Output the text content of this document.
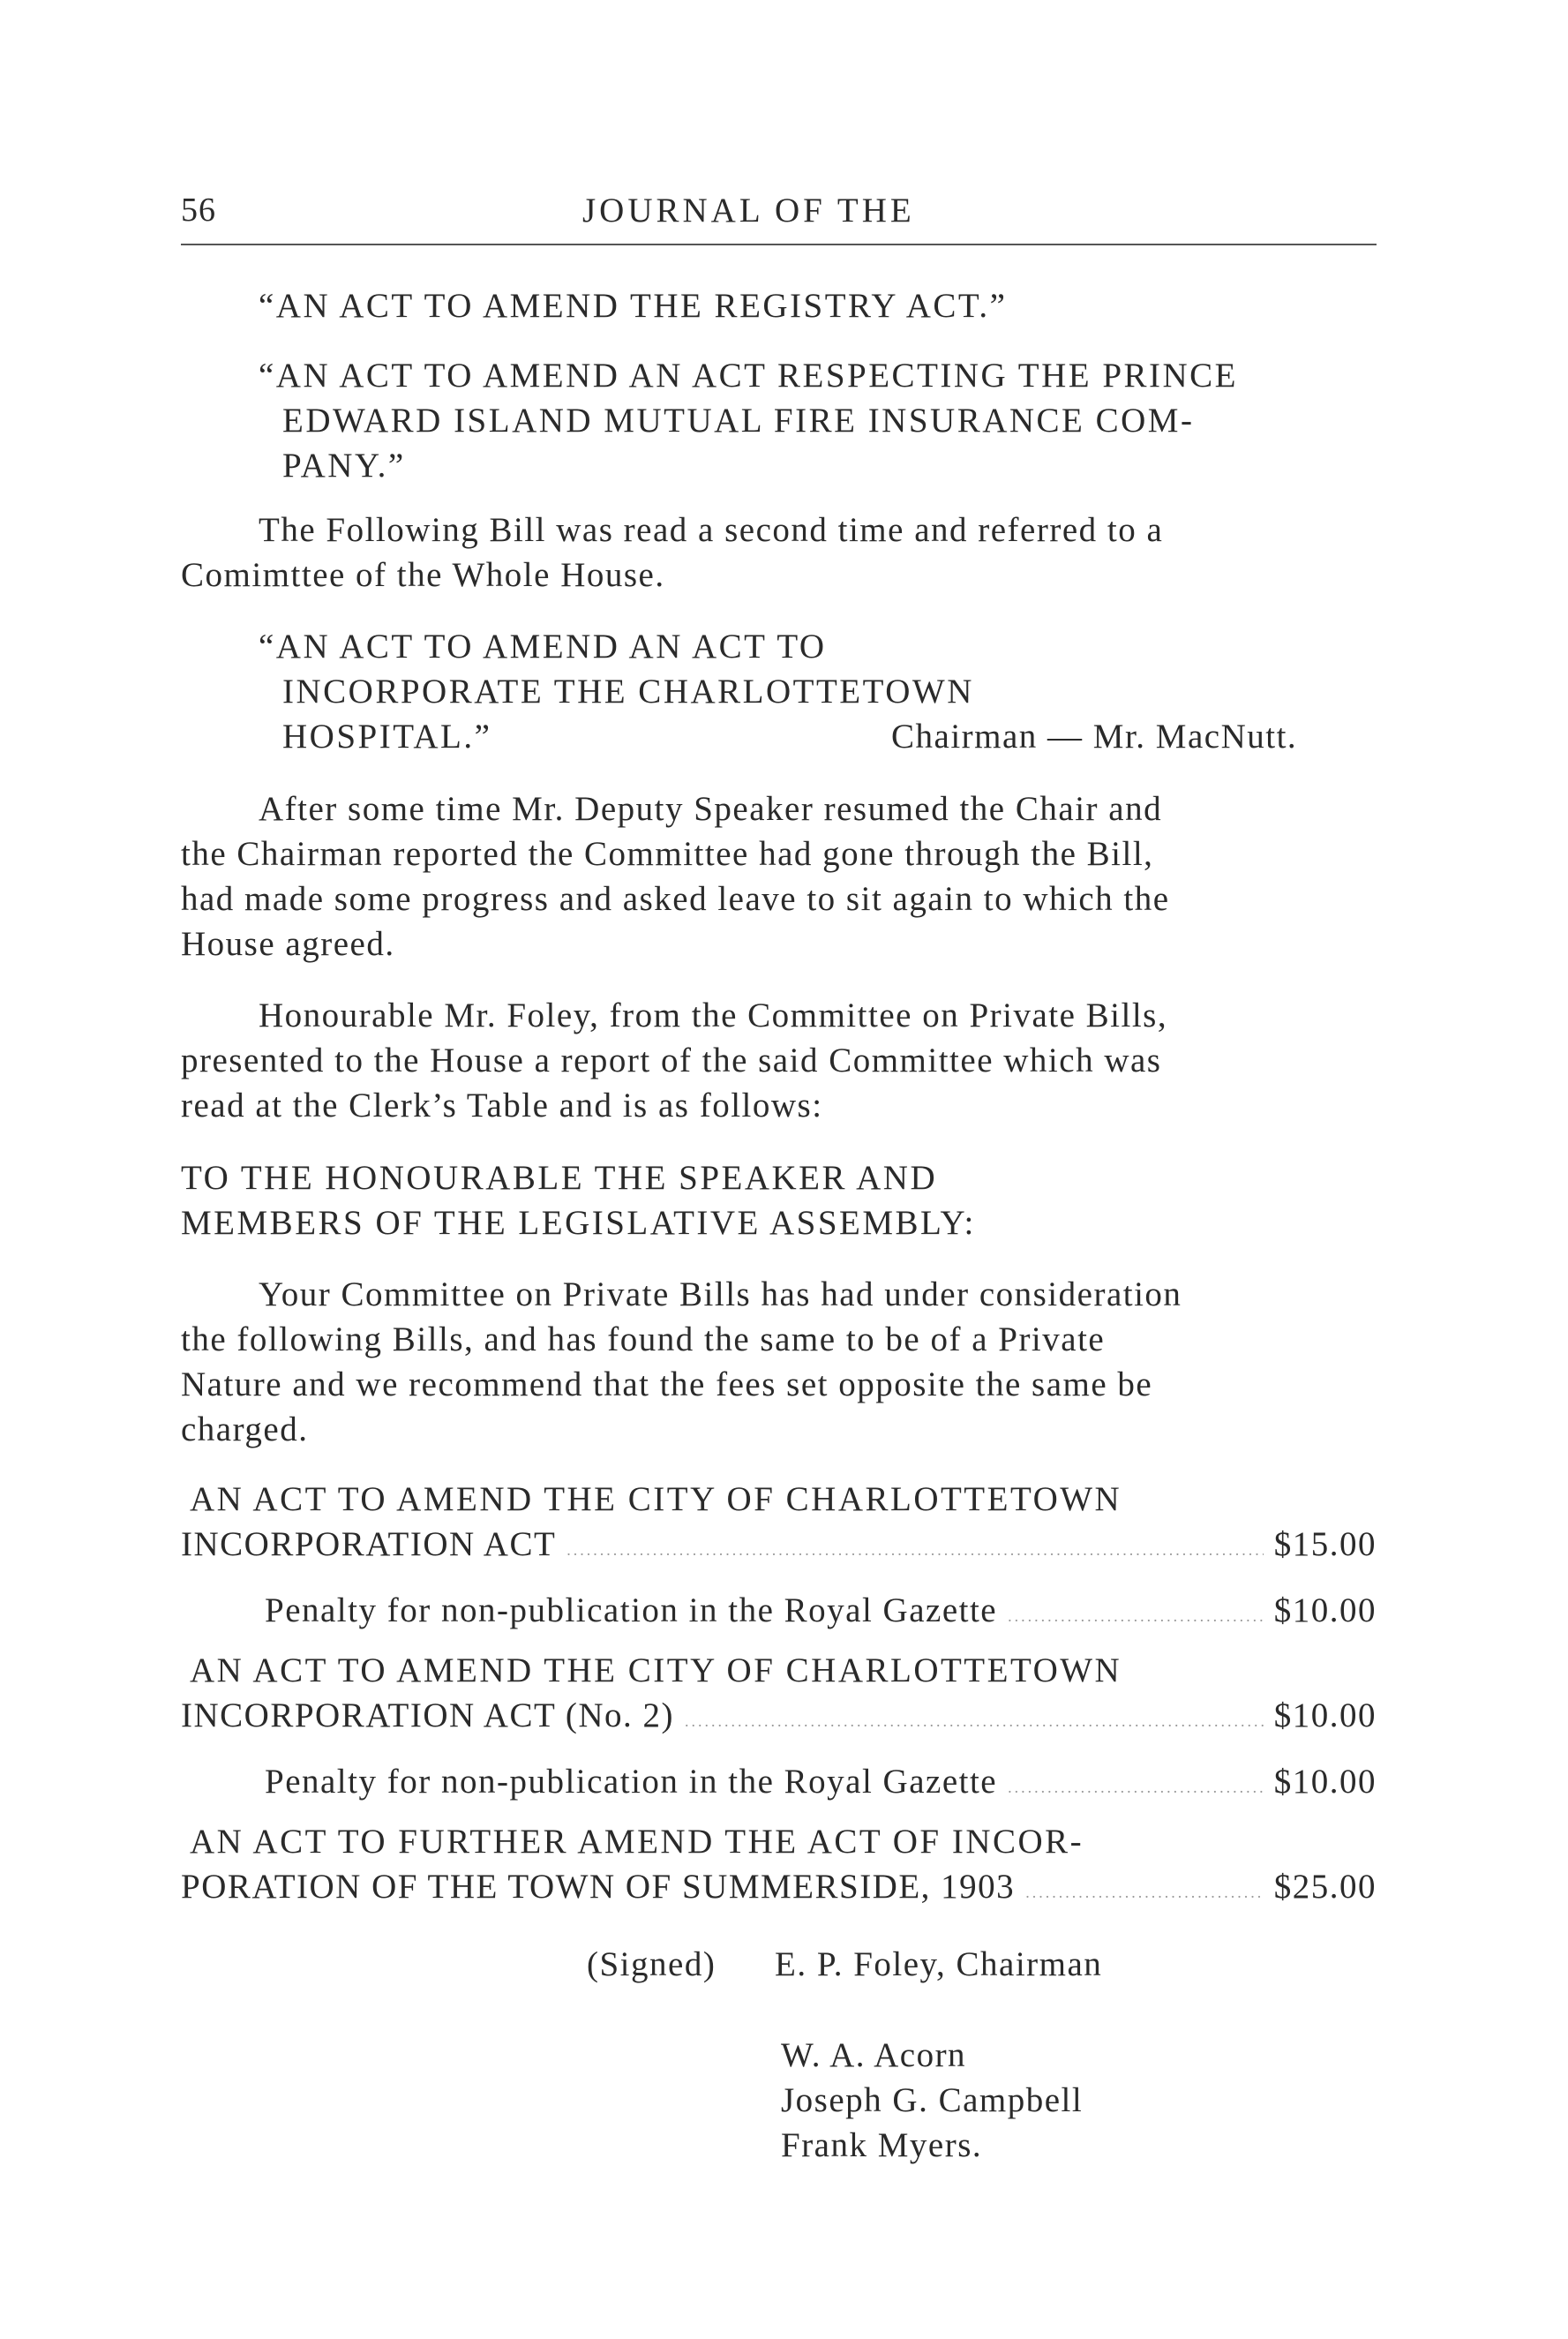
56	JOURNAL OF THE
“AN ACT TO AMEND THE REGISTRY ACT.”
“AN ACT TO AMEND AN ACT RESPECTING THE PRINCE
EDWARD ISLAND MUTUAL FIRE INSURANCE COM-
PANY.”
The Following Bill was read a second time and referred to a
Comimttee of the Whole House.
“AN ACT TO AMEND AN ACT TO
INCORPORATE THE CHARLOTTETOWN
HOSPITAL.”	Chairman — Mr. MacNutt.
After some time Mr. Deputy Speaker resumed the Chair and
the Chairman reported the Committee had gone through the Bill,
had made some progress and asked leave to sit again to which the
House agreed.
Honourable Mr. Foley, from the Committee on Private Bills,
presented to the House a report of the said Committee which was
read at the Clerk’s Table and is as follows:
TO THE HONOURABLE THE SPEAKER AND
MEMBERS OF THE LEGISLATIVE ASSEMBLY:
Your Committee on Private Bills has had under consideration
the following Bills, and has found the same to be of a Private
Nature and we recommend that the fees set opposite the same be
charged.
AN ACT TO AMEND THE CITY OF CHARLOTTETOWN
INCORPORATION ACT .....	$15.00
Penalty for non-publication in the Royal Gazette .....	$10.00
AN ACT TO AMEND THE CITY OF CHARLOTTETOWN
INCORPORATION ACT (No. 2) .....	$10.00
Penalty for non-publication in the Royal Gazette .....	$10.00
AN ACT TO FURTHER AMEND THE ACT OF INCOR-
PORATION OF THE TOWN OF SUMMERSIDE, 1903 .....	$25.00
(Signed) E. P. Foley, Chairman
W. A. Acorn
Joseph G. Campbell
Frank Myers.
